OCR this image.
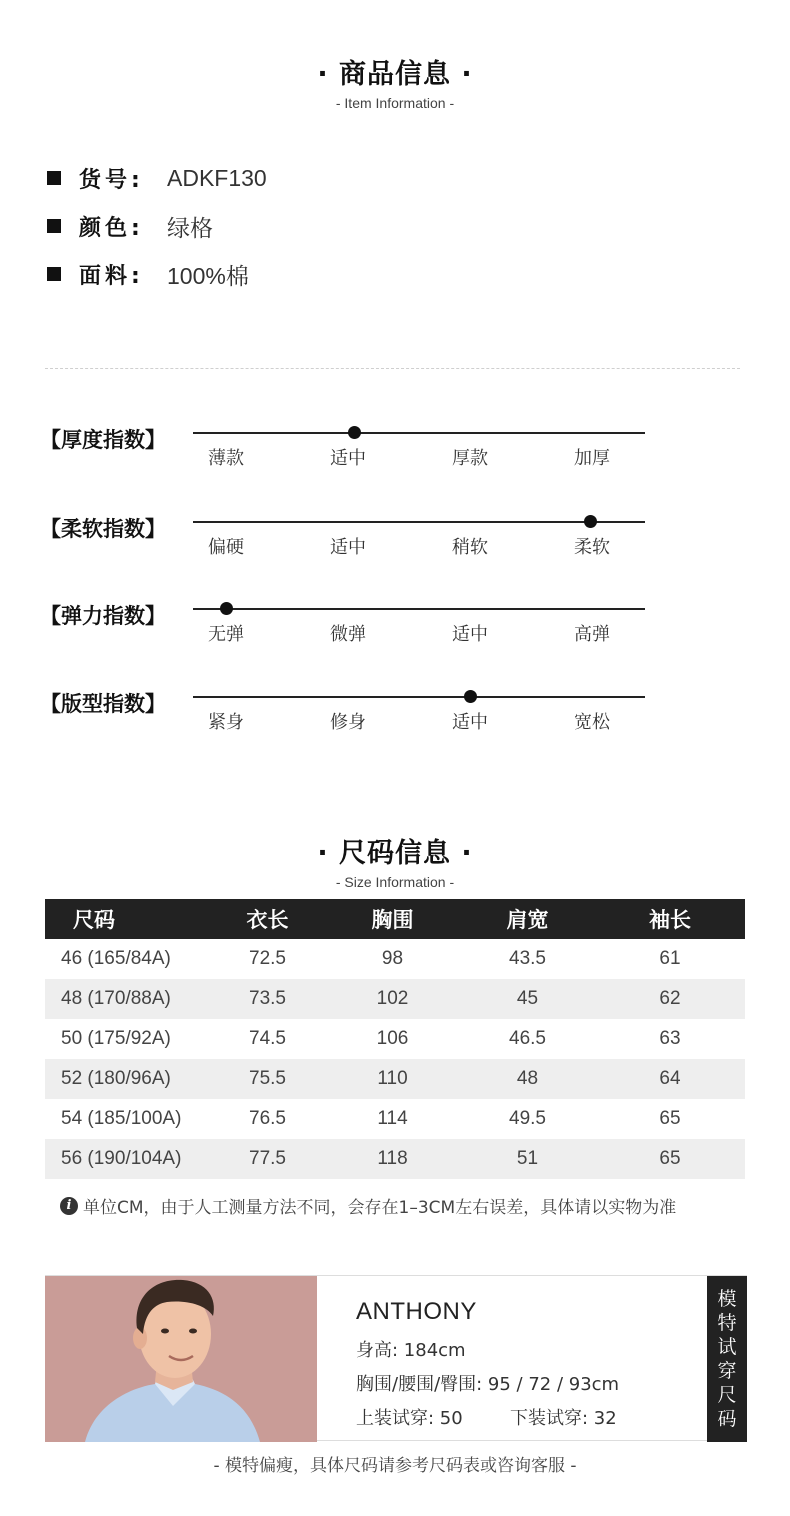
· 商品信息 ·
- Item Information -
货号:	ADKF130
颜色:	绿格
面料:	100%棉
【厚度指数】
薄款	适中	厚款	加厚
【柔软指数】
偏硬	适中	稍软	柔软
【弹力指数】
无弹	微弹	适中	高弹
【版型指数】
紧身	修身	适中	宽松
· 尺码信息 ·
- Size Information -
尺码	衣长	胸围	肩宽	袖长
46 (165/84A)	72.5	98	43.5	61
48 (170/88A)	73.5	102	45	62
50 (175/92A)	74.5	106	46.5	63
52 (180/96A)	75.5	110	48	64
54 (185/100A)	76.5	114	49.5	65
56 (190/104A)	77.5	118	51	65
i 单位CM，由于人工测量方法不同，会存在1–3CM左右误差，具体请以实物为准
ANTHONY
身高: 184cm
胸围/腰围/臀围: 95 / 72 / 93cm
上装试穿: 50	下装试穿: 32
模
特
试
穿
尺
码
- 模特偏瘦，具体尺码请参考尺码表或咨询客服 -
